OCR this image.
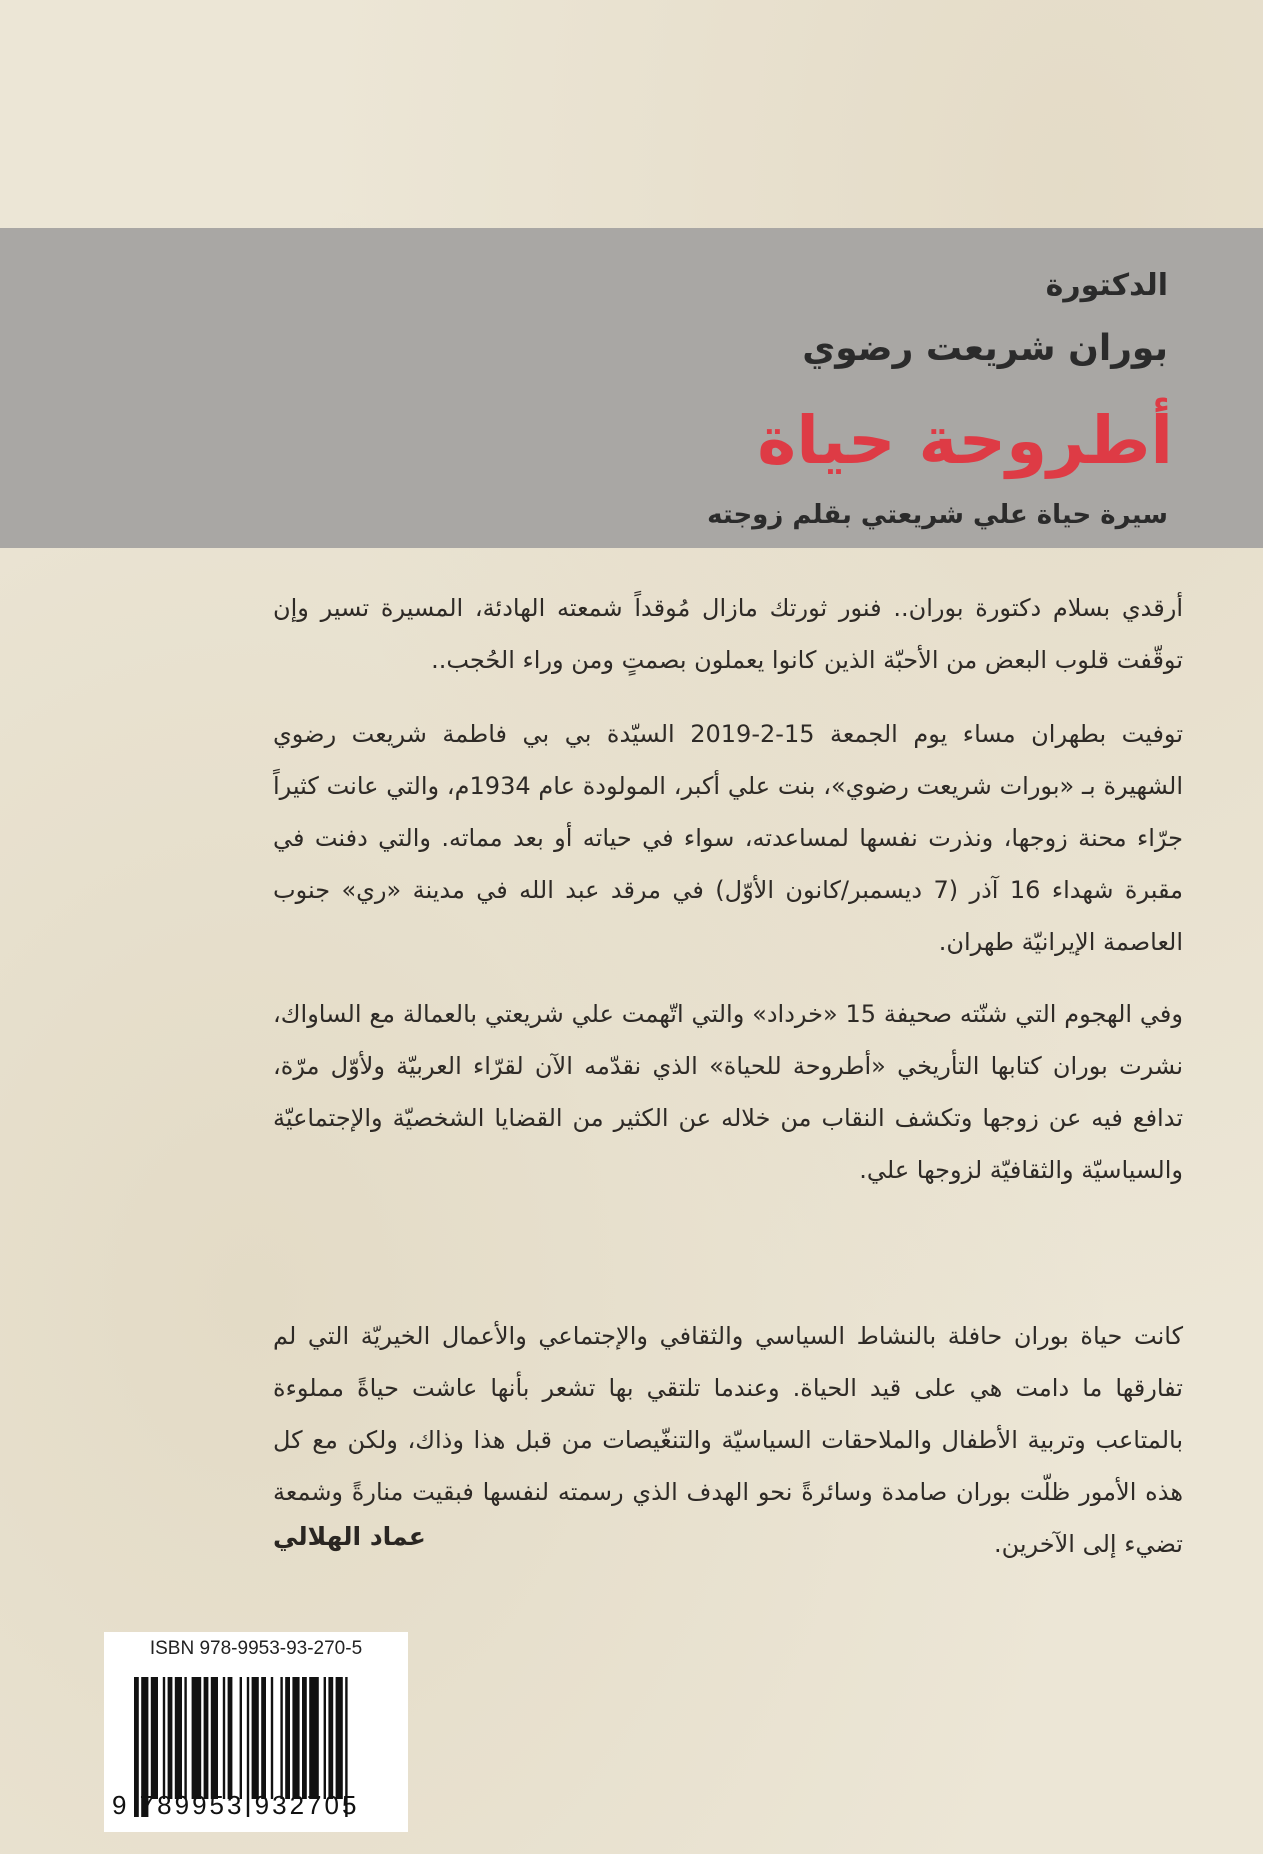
الدكتورة
بوران شريعت رضوي
أطروحة حياة
سيرة حياة علي شريعتي بقلم زوجته

أرقدي بسلام دكتورة بوران.. فنور ثورتك مازال مُوقداً شمعته الهادئة، المسيرة تسير وإن توقّفت قلوب البعض من الأحبّة الذين كانوا يعملون بصمتٍ ومن وراء الحُجب..

توفيت بطهران مساء يوم الجمعة 15-2-2019 السيّدة بي بي فاطمة شريعت رضوي الشهيرة بـ «بورات شريعت رضوي»، بنت علي أكبر، المولودة عام 1934م، والتي عانت كثيراً جرّاء محنة زوجها، ونذرت نفسها لمساعدته، سواء في حياته أو بعد مماته. والتي دفنت في مقبرة شهداء 16 آذر (7 ديسمبر/كانون الأوّل) في مرقد عبد الله في مدينة «ري» جنوب العاصمة الإيرانيّة طهران.

وفي الهجوم التي شنّته صحيفة 15 «خرداد» والتي اتّهمت علي شريعتي بالعمالة مع الساواك، نشرت بوران كتابها التأريخي «أطروحة للحياة» الذي نقدّمه الآن لقرّاء العربيّة ولأوّل مرّة، تدافع فيه عن زوجها وتكشف النقاب من خلاله عن الكثير من القضايا الشخصيّة والإجتماعيّة والسياسيّة والثقافيّة لزوجها علي.

كانت حياة بوران حافلة بالنشاط السياسي والثقافي والإجتماعي والأعمال الخيريّة التي لم تفارقها ما دامت هي على قيد الحياة. وعندما تلتقي بها تشعر بأنها عاشت حياةً مملوءة بالمتاعب وتربية الأطفال والملاحقات السياسيّة والتنغّيصات من قبل هذا وذاك، ولكن مع كل هذه الأمور ظلّت بوران صامدة وسائرةً نحو الهدف الذي رسمته لنفسها فبقيت منارةً وشمعة تضيء إلى الآخرين.

عماد الهلالي
ISBN 978-9953-93-270-5
9 789953 932705
